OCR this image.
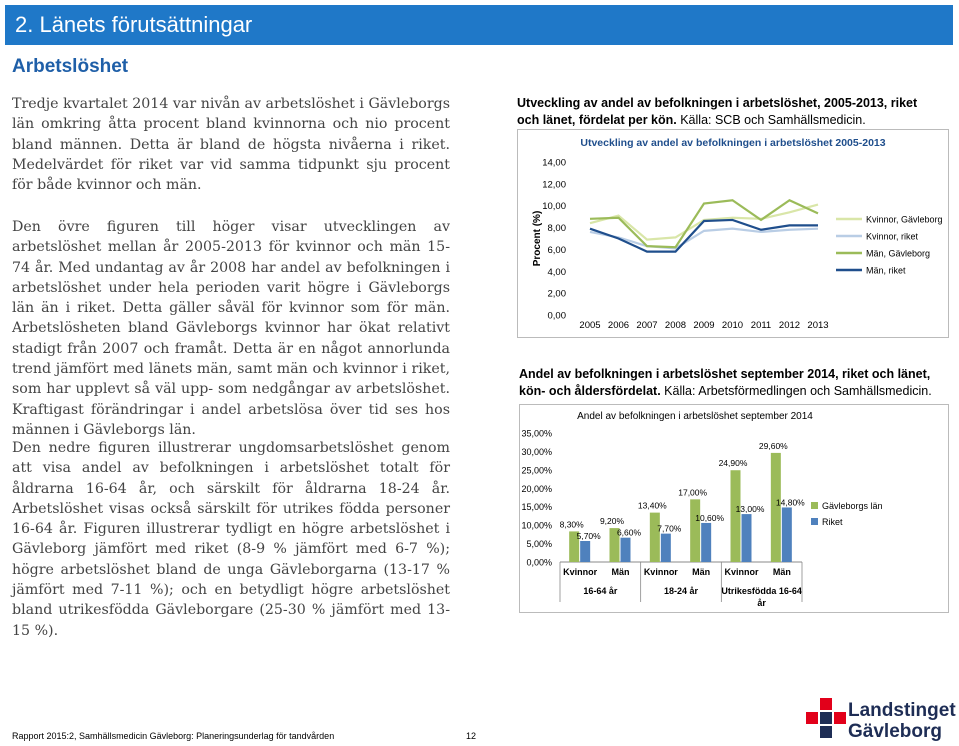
2. Länets förutsättningar
Arbetslöshet
Tredje kvartalet 2014 var nivån av arbetslöshet i Gävleborgs län omkring åtta procent bland kvinnorna och nio procent bland männen. Detta är bland de högsta nivåerna i riket. Medelvärdet för riket var vid samma tidpunkt sju procent för både kvinnor och män.
Den övre figuren till höger visar utvecklingen av arbetslöshet mellan år 2005-2013 för kvinnor och män 15-74 år. Med undantag av år 2008 har andel av befolkningen i arbetslöshet under hela perioden varit högre i Gävleborgs län än i riket. Detta gäller såväl för kvinnor som för män. Arbetslösheten bland Gävleborgs kvinnor har ökat relativt stadigt från 2007 och framåt. Detta är en något annorlunda trend jämfört med länets män, samt män och kvinnor i riket, som har upplevt så väl upp- som nedgångar av arbetslöshet. Kraftigast förändringar i andel arbetslösa över tid ses hos männen i Gävleborgs län.
Den nedre figuren illustrerar ungdomsarbetslöshet genom att visa andel av befolkningen i arbetslöshet totalt för åldrarna 16-64 år, och särskilt för åldrarna 18-24 år. Arbetslöshet visas också särskilt för utrikes födda personer 16-64 år. Figuren illustrerar tydligt en högre arbetslöshet i Gävleborg jämfört med riket (8-9 % jämfört med 6-7 %); högre arbetslöshet bland de unga Gävleborgarna (13-17 % jämfört med 7-11 %); och en betydligt högre arbetslöshet bland utrikesfödda Gävleborgare (25-30 % jämfört med 13-15 %).
Utveckling av andel av befolkningen i arbetslöshet, 2005-2013, riket och länet, fördelat per kön. Källa: SCB och Samhällsmedicin.
Utveckling av andel av befolkningen i arbetslöshet 2005-2013
Procent (%)
0,00
2,00
4,00
6,00
8,00
10,00
12,00
14,00
2005 2006 2007 2008 2009 2010 2011 2012 2013
Kvinnor, Gävleborg
Kvinnor, riket
Män, Gävleborg
Män, riket
Andel av befolkningen i arbetslöshet september 2014, riket och länet, kön- och åldersfördelat. Källa: Arbetsförmedlingen och Samhällsmedicin.
Andel av befolkningen i arbetslöshet september 2014
0,00%
5,00%
10,00%
15,00%
20,00%
25,00%
30,00%
35,00%
8,30%
5,70%
Kvinnor
9,20%
6,60%
Män
13,40%
7,70%
Kvinnor
17,00%
10,60%
Män
24,90%
13,00%
Kvinnor
29,60%
14,80%
Män
16-64 år	18-24 år	Utrikesfödda 16-64
år
Gävleborgs län
Riket
Rapport 2015:2, Samhällsmedicin Gävleborg: Planeringsunderlag för tandvården	12
Landstinget
Gävleborg
